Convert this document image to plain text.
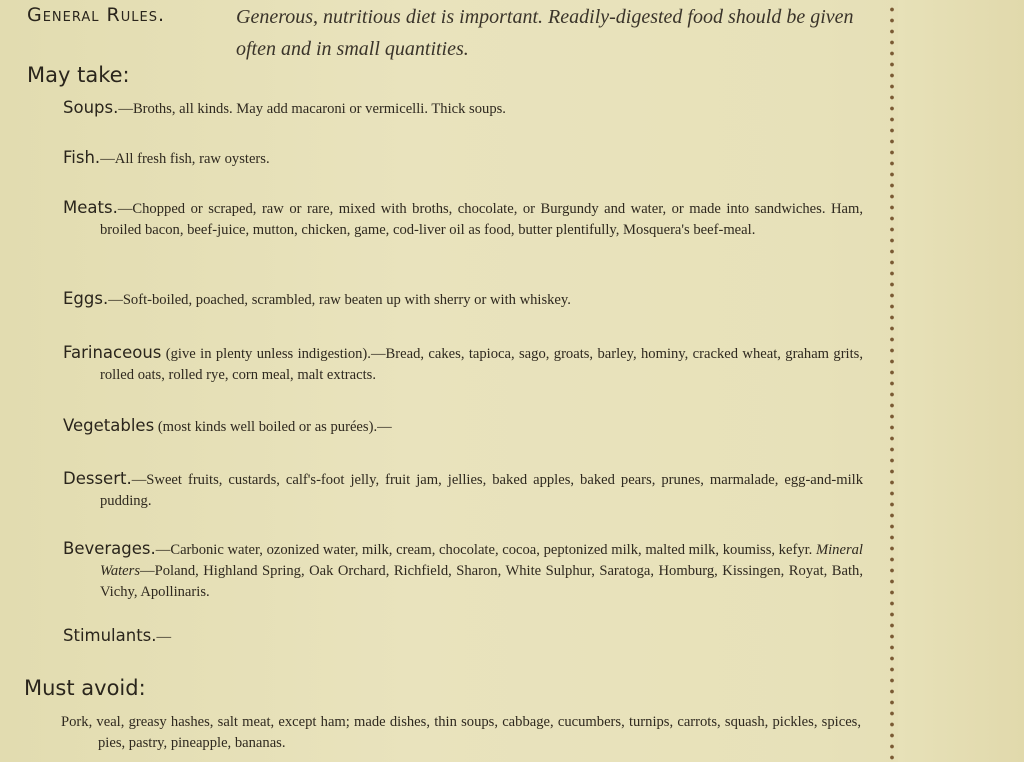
General Rules.	Generous, nutritious diet is important. Readily-digested food should be given often and in small quantities.
May take:
Soups.—Broths, all kinds. May add macaroni or vermicelli. Thick soups.
Fish.—All fresh fish, raw oysters.
Meats.—Chopped or scraped, raw or rare, mixed with broths, chocolate, or Burgundy and water, or made into sandwiches. Ham, broiled bacon, beef-juice, mutton, chicken, game, cod-liver oil as food, butter plentifully, Mosquera's beef-meal.
Eggs.—Soft-boiled, poached, scrambled, raw beaten up with sherry or with whiskey.
Farinaceous (give in plenty unless indigestion).—Bread, cakes, tapioca, sago, groats, barley, hominy, cracked wheat, graham grits, rolled oats, rolled rye, corn meal, malt extracts.
Vegetables (most kinds well boiled or as purées).—
Dessert.—Sweet fruits, custards, calf's-foot jelly, fruit jam, jellies, baked apples, baked pears, prunes, marmalade, egg-and-milk pudding.
Beverages.—Carbonic water, ozonized water, milk, cream, chocolate, cocoa, peptonized milk, malted milk, koumiss, kefyr. Mineral Waters—Poland, Highland Spring, Oak Orchard, Richfield, Sharon, White Sulphur, Saratoga, Homburg, Kissingen, Royat, Bath, Vichy, Apollinaris.
Stimulants.—
Must avoid:
Pork, veal, greasy hashes, salt meat, except ham; made dishes, thin soups, cabbage, cucumbers, turnips, carrots, squash, pickles, spices, pies, pastry, pineapple, bananas.
